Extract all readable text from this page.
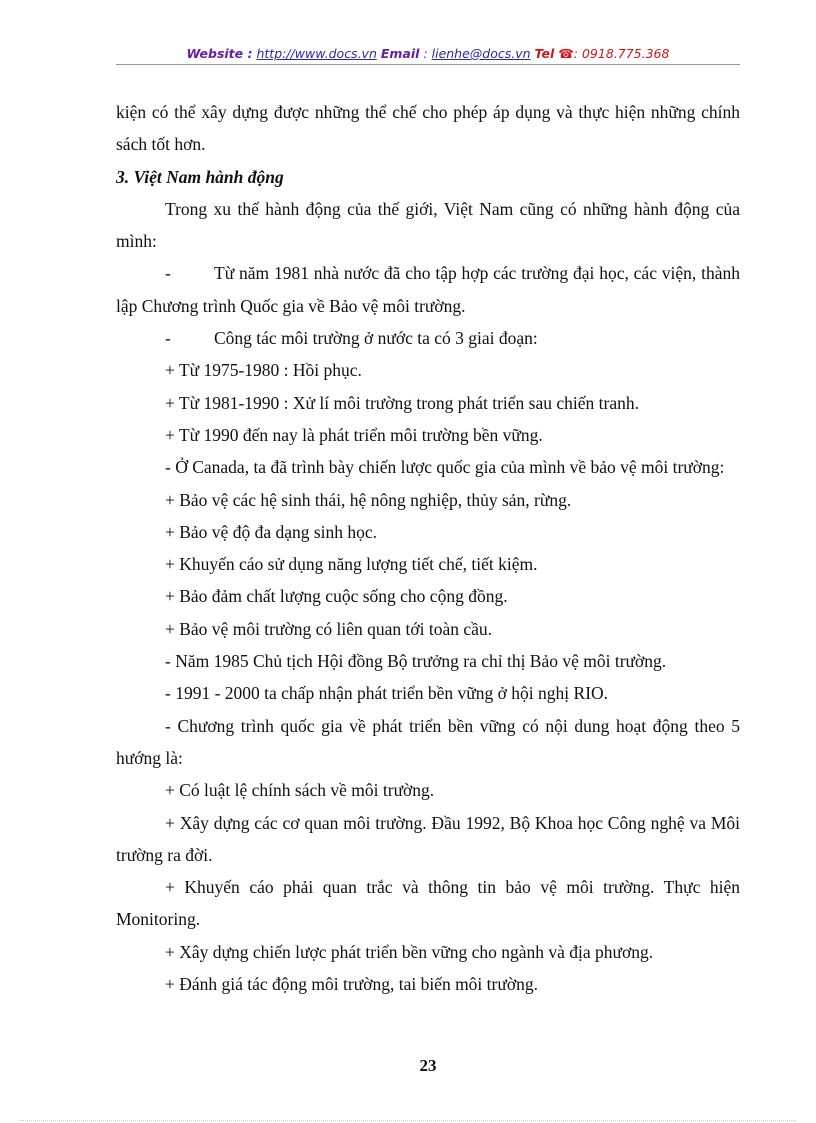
Website : http://www.docs.vn Email : lienhe@docs.vn Tel ☎: 0918.775.368

kiện có thể xây dựng được những thể chế cho phép áp dụng và thực hiện những chính sách tốt hơn.

3. Việt Nam hành động

Trong xu thế hành động của thế giới, Việt Nam cũng có những hành động của mình:

- Từ năm 1981 nhà nước đã cho tập hợp các trường đại học, các viện, thành lập Chương trình Quốc gia về Bảo vệ môi trường.

- Công tác môi trường ở nước ta có 3 giai đoạn:

+ Từ 1975-1980 : Hồi phục.

+ Từ 1981-1990 : Xử lí môi trường trong phát triển sau chiến tranh.

+ Từ 1990 đến nay là phát triển môi trường bền vững.

- Ở Canada, ta đã trình bày chiến lược quốc gia của mình về bảo vệ môi trường:

+ Bảo vệ các hệ sinh thái, hệ nông nghiệp, thủy sản, rừng.

+ Bảo vệ độ đa dạng sinh học.

+ Khuyến cáo sử dụng năng lượng tiết chế, tiết kiệm.

+ Bảo đảm chất lượng cuộc sống cho cộng đồng.

+ Bảo vệ môi trường có liên quan tới toàn cầu.

- Năm 1985 Chủ tịch Hội đồng Bộ trưởng ra chỉ thị Bảo vệ môi trường.

- 1991 - 2000 ta chấp nhận phát triển bền vững ở hội nghị RIO.

- Chương trình quốc gia về phát triển bền vững có nội dung hoạt động theo 5 hướng là:

+ Có luật lệ chính sách về môi trường.

+ Xây dựng các cơ quan môi trường. Đầu 1992, Bộ Khoa học Công nghệ va Môi trường ra đời.

+ Khuyến cáo phải quan trắc và thông tin bảo vệ môi trường. Thực hiện Monitoring.

+ Xây dựng chiến lược phát triển bền vững cho ngành và địa phương.

+ Đánh giá tác động môi trường, tai biến môi trường.

23
